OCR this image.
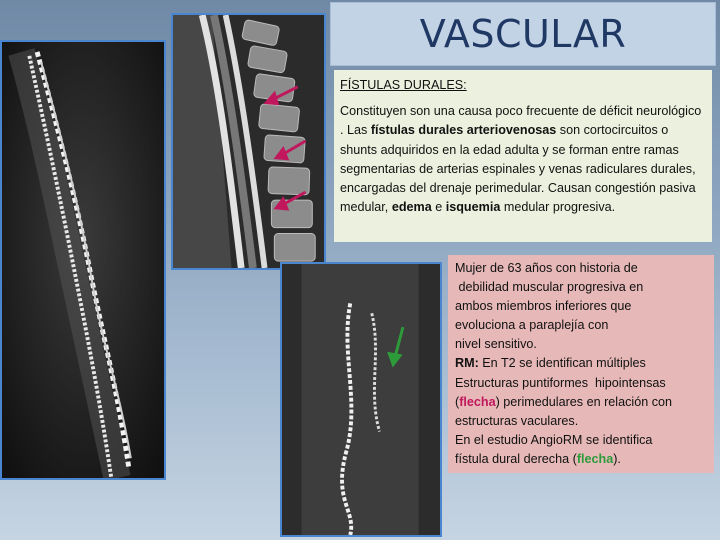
VASCULAR
FÍSTULAS DURALES:

Constituyen son una causa poco frecuente de déficit neurológico . Las fístulas durales arteriovenosas son cortocircuitos o shunts adquiridos en la edad adulta y se forman entre ramas segmentarias de arterias espinales y venas radiculares durales, encargadas del drenaje perimedular. Causan congestión pasiva medular, edema e isquemia medular progresiva.

Mujer de 63 años con historia de
debilidad muscular progresiva en
ambos miembros inferiores que
evoluciona a paraplejía con
nivel sensitivo.
RM: En T2 se identifican múltiples
Estructuras puntiformes  hipointensas
(flecha) perimedulares en relación con
estructuras vaculares.
En el estudio AngioRM se identifica
fístula dural derecha (flecha).
